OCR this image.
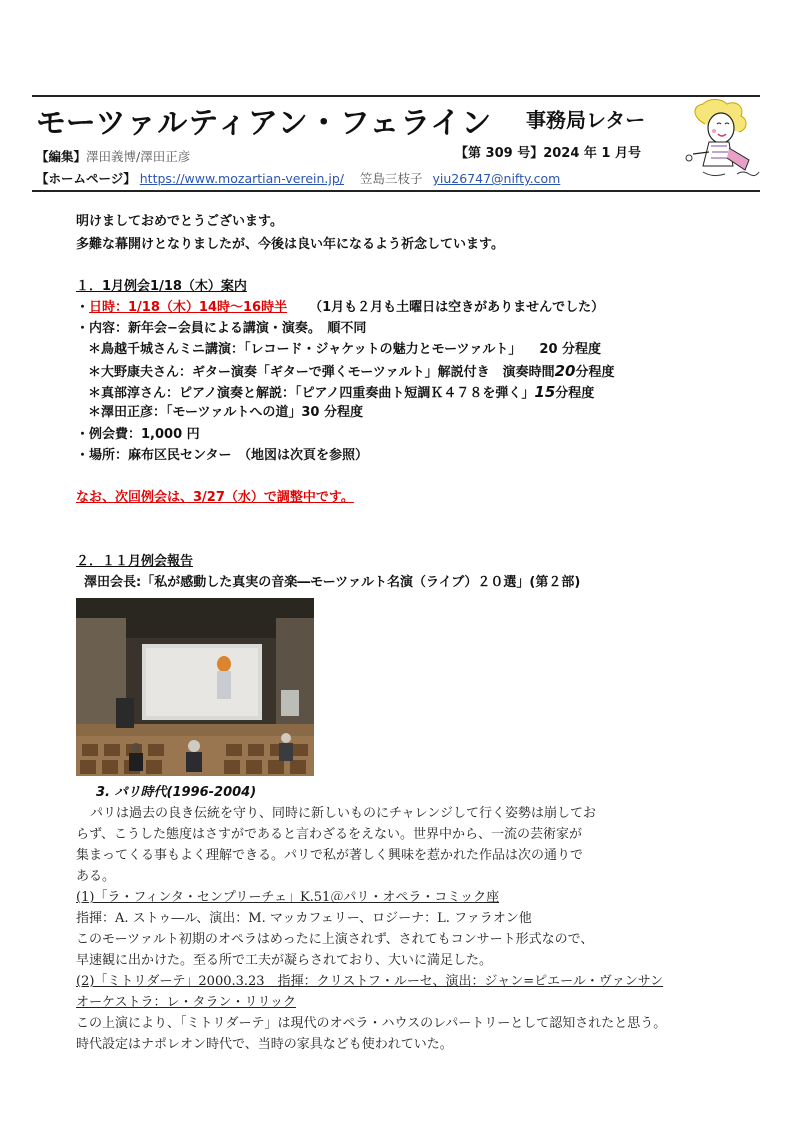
モーツァルティアン・フェライン 事務局レター
【編集】澤田義博/澤田正彦	【第 309 号】2024 年 1 月号
【ホームページ】 https://www.mozartian-verein.jp/ 笠島三枝子 yiu26747@nifty.com
明けましておめでとうございます。
多難な幕開けとなりましたが、今後は良い年になるよう祈念しています。
１．1月例会1/18（木）案内
・日時：1/18（木）14時〜16時半 （1月も２月も土曜日は空きがありませんでした）
・内容：新年会−会員による講演・演奏。　順不同
＊鳥越千城さんミニ講演：「レコード・ジャケットの魅力とモーツァルト」 20 分程度
＊大野康夫さん：ギター演奏「ギターで弾くモーツァルト」解説付き　演奏時間20分程度
＊真部淳さん：ピアノ演奏と解説：「ピアノ四重奏曲ト短調Ｋ４７８を弾く」15分程度
＊澤田正彦：「モーツァルトへの道」30 分程度
・例会費：1,000 円
・場所：麻布区民センター　（地図は次頁を参照）
なお、次回例会は、3/27（水）で調整中です。
２．１１月例会報告
澤田会長:「私が感動した真実の音楽―モーツァルト名演（ライブ）２０選」(第２部)
3. パリ時代(1996-2004)
パリは過去の良き伝統を守り、同時に新しいものにチャレンジして行く姿勢は崩してお
らず、こうした態度はさすがであると言わざるをえない。世界中から、一流の芸術家が
集まってくる事もよく理解できる。パリで私が著しく興味を惹かれた作品は次の通りで
ある。
(1)「ラ・フィンタ・センプリーチェ」K.51＠パリ・オペラ・コミック座
指揮：A. ストゥ―ル、演出：M. マッカフェリー、ロジーナ：L. ファラオン他
このモーツァルト初期のオペラはめったに上演されず、されてもコンサート形式なので、
早速観に出かけた。至る所で工夫が凝らされており、大いに満足した。
(2)「ミトリダーテ」2000.3.23　指揮：クリストフ・ルーセ、演出：ジャン=ピエール・ヴァンサン
オーケストラ：レ・タラン・リリック
この上演により、「ミトリダーテ」は現代のオペラ・ハウスのレパートリーとして認知されたと思う。
時代設定はナポレオン時代で、当時の家具なども使われていた。
